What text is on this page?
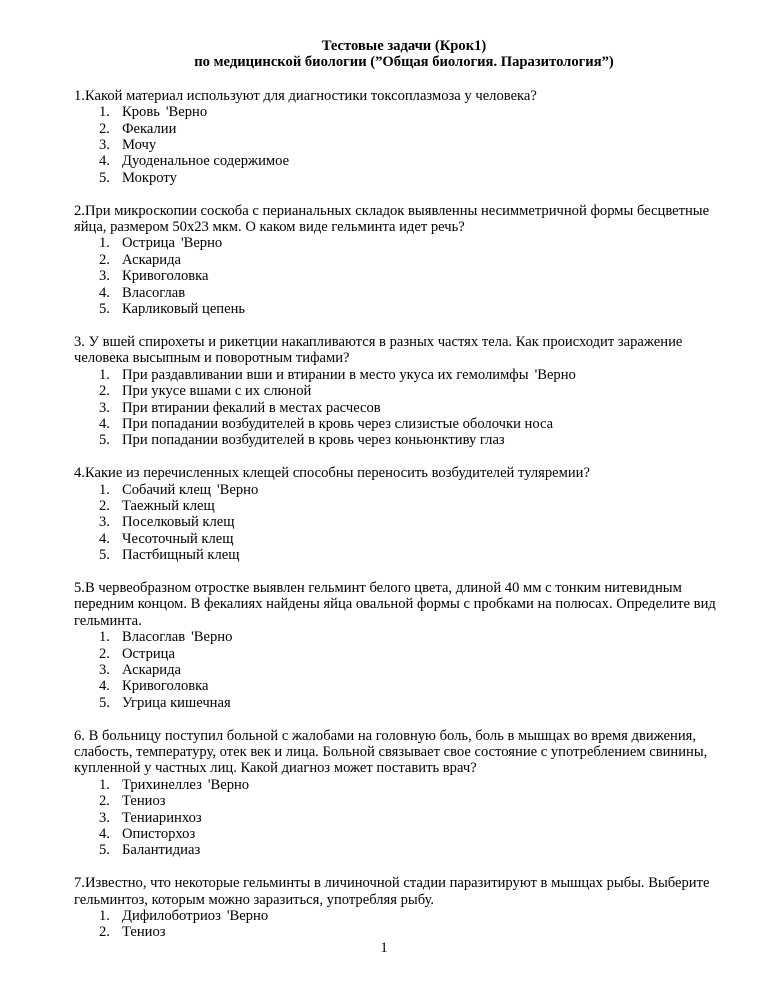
Тестовые задачи (Крок1)
по медицинской биологии (”Общая биология. Паразитология”)
1.Какой материал используют для диагностики токсоплазмоза у человека?
1. Кровь 'Верно
2. Фекалии
3. Мочу
4. Дуоденальное содержимое
5. Мокроту
2.При микроскопии соскоба с перианальных складок выявленны несимметричной формы бесцветные яйца, размером 50х23 мкм. О каком виде гельминта идет речь?
1. Острица 'Верно
2. Аскарида
3. Кривоголовка
4. Власоглав
5. Карликовый цепень
3. У вшей спирохеты и рикетции накапливаются в разных частях тела. Как происходит заражение человека высыпным и поворотным тифами?
1. При раздавливании вши и втирании в место укуса их гемолимфы 'Верно
2. При укусе вшами с их слюной
3. При втирании фекалий в местах расчесов
4. При попадании возбудителей в кровь через слизистые оболочки носа
5. При попадании возбудителей в кровь через коньюнктиву глаз
4.Какие из перечисленных клещей способны переносить возбудителей туляремии?
1. Собачий клещ 'Верно
2. Таежный клещ
3. Поселковый клещ
4. Чесоточный клещ
5. Пастбищный клещ
5.В червеобразном отростке выявлен гельминт белого цвета, длиной 40 мм с тонким нитевидным передним концом. В фекалиях найдены яйца овальной формы с пробками на полюсах. Определите вид гельминта.
1. Власоглав 'Верно
2. Острица
3. Аскарида
4. Кривоголовка
5. Угрица кишечная
6. В больницу поступил больной с жалобами на головную боль, боль в мышцах во время движения, слабость, температуру, отек век и лица. Больной связывает свое состояние с употреблением свинины, купленной у частных лиц. Какой диагноз может поставить врач?
1. Трихинеллез 'Верно
2. Тениоз
3. Тениаринхоз
4. Описторхоз
5. Балантидиаз
7.Известно, что некоторые гельминты в личиночной стадии паразитируют в мышцах рыбы. Выберите гельминтоз, которым можно заразиться, употребляя рыбу.
1. Дифилоботриоз 'Верно
2. Тениоз
1
